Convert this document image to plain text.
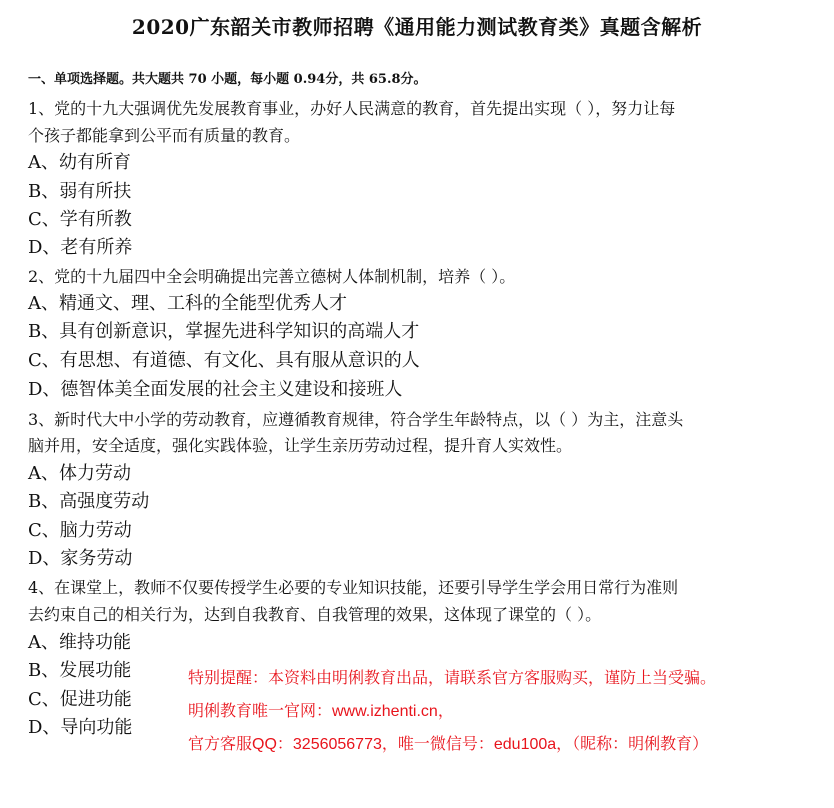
2020广东韶关市教师招聘《通用能力测试教育类》真题含解析
一、单项选择题。共大题共 70 小题，每小题 0.94分，共 65.8分。
1、党的十九大强调优先发展教育事业，办好人民满意的教育，首先提出实现（ ），努力让每
个孩子都能拿到公平而有质量的教育。
A、幼有所育
B、弱有所扶
C、学有所教
D、老有所养
2、党的十九届四中全会明确提出完善立德树人体制机制，培养（ ）。
A、精通文、理、工科的全能型优秀人才
B、具有创新意识，掌握先进科学知识的高端人才
C、有思想、有道德、有文化、具有服从意识的人
D、德智体美全面发展的社会主义建设和接班人
3、新时代大中小学的劳动教育，应遵循教育规律，符合学生年龄特点，以（ ）为主，注意头
脑并用，安全适度，强化实践体验，让学生亲历劳动过程，提升育人实效性。
A、体力劳动
B、高强度劳动
C、脑力劳动
D、家务劳动
4、在课堂上，教师不仅要传授学生必要的专业知识技能，还要引导学生学会用日常行为准则
去约束自己的相关行为，达到自我教育、自我管理的效果，这体现了课堂的（ ）。
A、维持功能
B、发展功能
C、促进功能
D、导向功能
特别提醒：本资料由明俐教育出品，请联系官方客服购买，谨防上当受骗。
明俐教育唯一官网：www.izhenti.cn，
官方客服QQ：3256056773，唯一微信号：edu100a，（昵称：明俐教育）
